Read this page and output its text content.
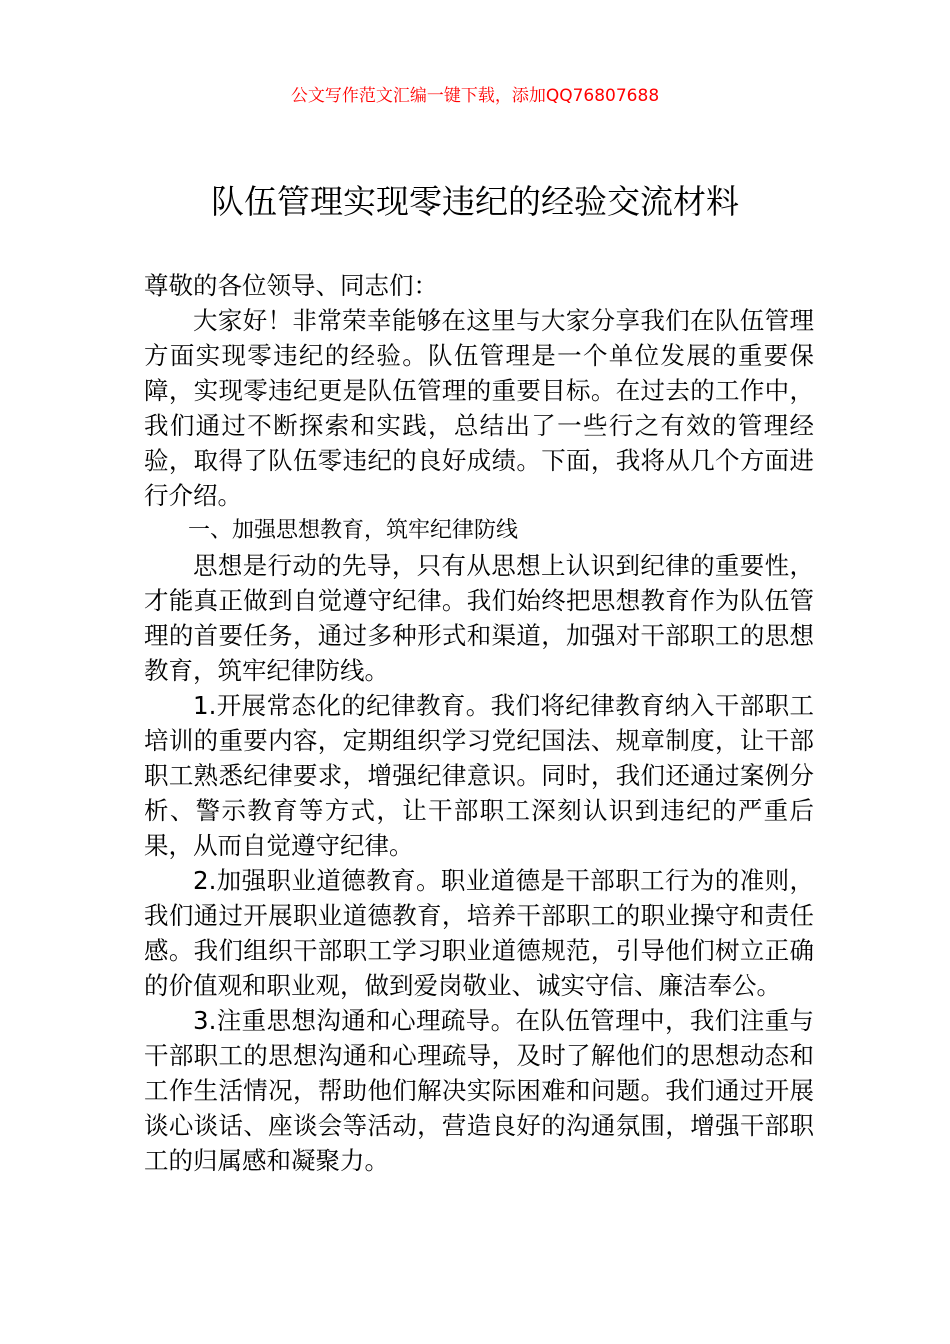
公文写作范文汇编一键下载，添加QQ76807688
队伍管理实现零违纪的经验交流材料

尊敬的各位领导、同志们：

大家好！非常荣幸能够在这里与大家分享我们在队伍管理方面实现零违纪的经验。队伍管理是一个单位发展的重要保障，实现零违纪更是队伍管理的重要目标。在过去的工作中，我们通过不断探索和实践，总结出了一些行之有效的管理经验，取得了队伍零违纪的良好成绩。下面，我将从几个方面进行介绍。

一、加强思想教育，筑牢纪律防线

思想是行动的先导，只有从思想上认识到纪律的重要性，才能真正做到自觉遵守纪律。我们始终把思想教育作为队伍管理的首要任务，通过多种形式和渠道，加强对干部职工的思想教育，筑牢纪律防线。

1.开展常态化的纪律教育。我们将纪律教育纳入干部职工培训的重要内容，定期组织学习党纪国法、规章制度，让干部职工熟悉纪律要求，增强纪律意识。同时，我们还通过案例分析、警示教育等方式，让干部职工深刻认识到违纪的严重后果，从而自觉遵守纪律。

2.加强职业道德教育。职业道德是干部职工行为的准则，我们通过开展职业道德教育，培养干部职工的职业操守和责任感。我们组织干部职工学习职业道德规范，引导他们树立正确的价值观和职业观，做到爱岗敬业、诚实守信、廉洁奉公。

3.注重思想沟通和心理疏导。在队伍管理中，我们注重与干部职工的思想沟通和心理疏导，及时了解他们的思想动态和工作生活情况，帮助他们解决实际困难和问题。我们通过开展谈心谈话、座谈会等活动，营造良好的沟通氛围，增强干部职工的归属感和凝聚力。
